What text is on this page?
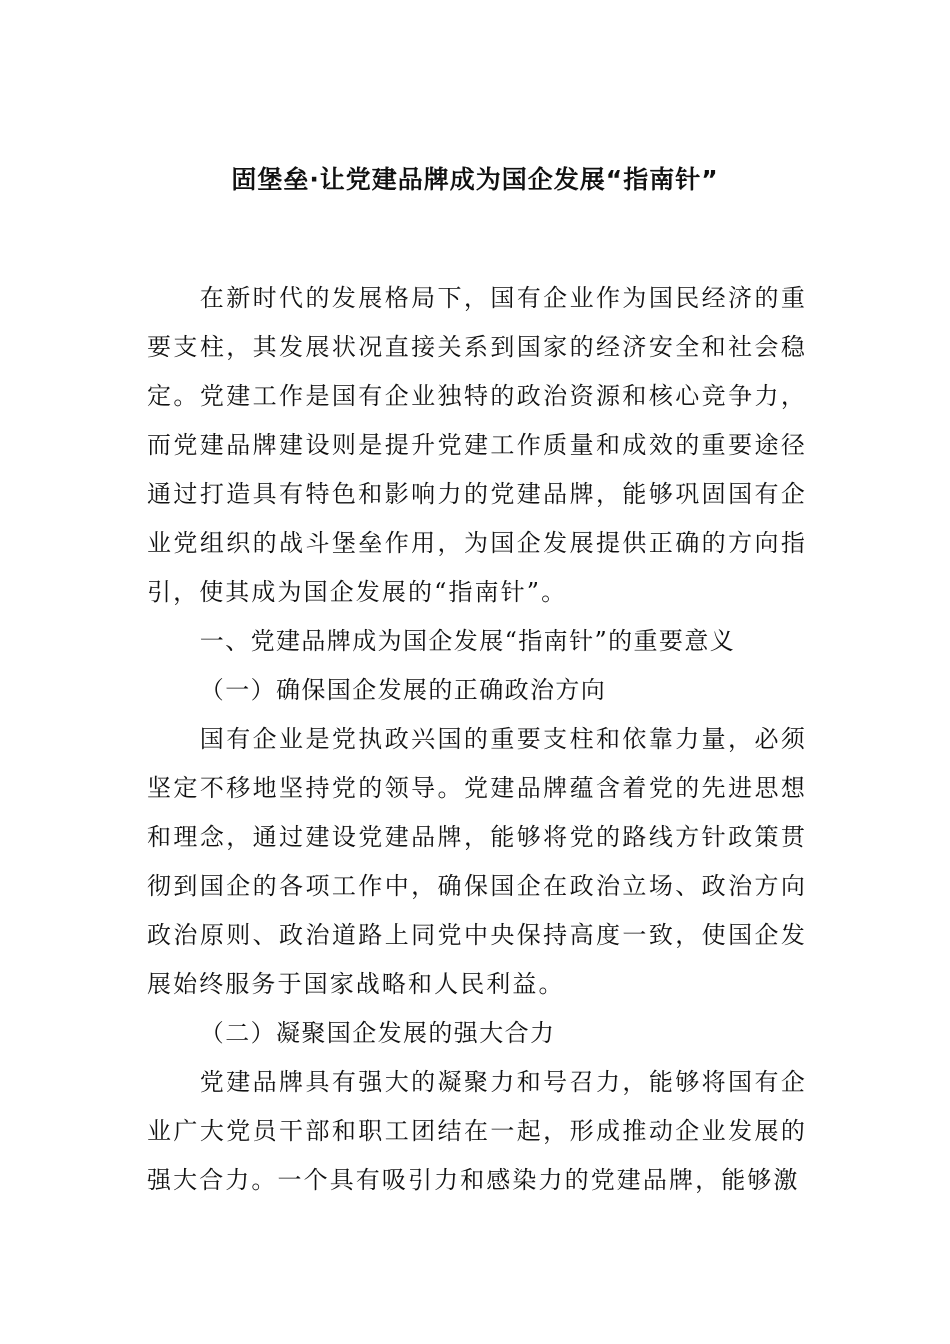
固堡垒·让党建品牌成为国企发展“指南针”

在新时代的发展格局下，国有企业作为国民经济的重要支柱，其发展状况直接关系到国家的经济安全和社会稳定。党建工作是国有企业独特的政治资源和核心竞争力，而党建品牌建设则是提升党建工作质量和成效的重要途径通过打造具有特色和影响力的党建品牌，能够巩固国有企业党组织的战斗堡垒作用，为国企发展提供正确的方向指引，使其成为国企发展的“指南针”。

一、党建品牌成为国企发展“指南针”的重要意义

（一）确保国企发展的正确政治方向

国有企业是党执政兴国的重要支柱和依靠力量，必须坚定不移地坚持党的领导。党建品牌蕴含着党的先进思想和理念，通过建设党建品牌，能够将党的路线方针政策贯彻到国企的各项工作中，确保国企在政治立场、政治方向政治原则、政治道路上同党中央保持高度一致，使国企发展始终服务于国家战略和人民利益。

（二）凝聚国企发展的强大合力

党建品牌具有强大的凝聚力和号召力，能够将国有企业广大党员干部和职工团结在一起，形成推动企业发展的强大合力。一个具有吸引力和感染力的党建品牌，能够激
